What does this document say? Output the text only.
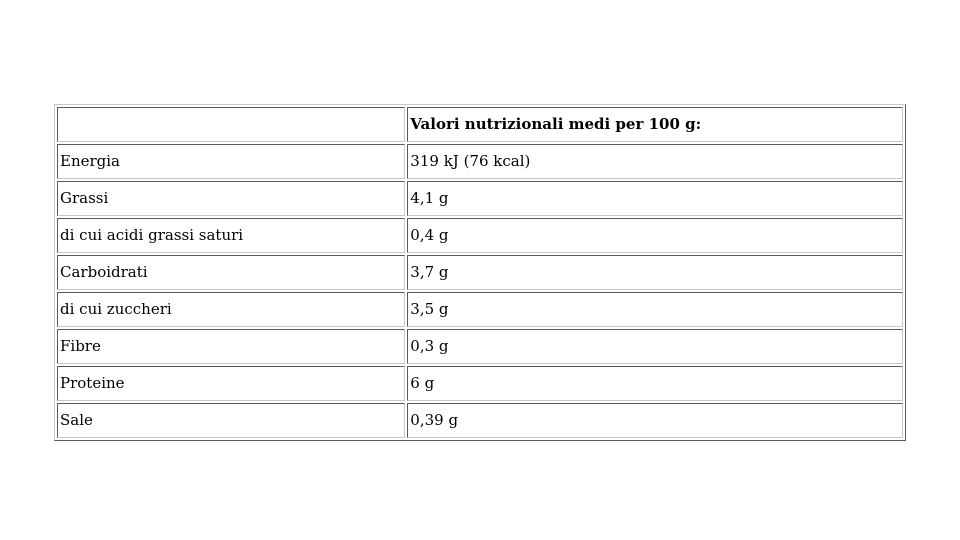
	Valori nutrizionali medi per 100 g:
Energia	319 kJ (76 kcal)
Grassi	4,1 g
di cui acidi grassi saturi	0,4 g
Carboidrati	3,7 g
di cui zuccheri	3,5 g
Fibre	0,3 g
Proteine	6 g
Sale	0,39 g
